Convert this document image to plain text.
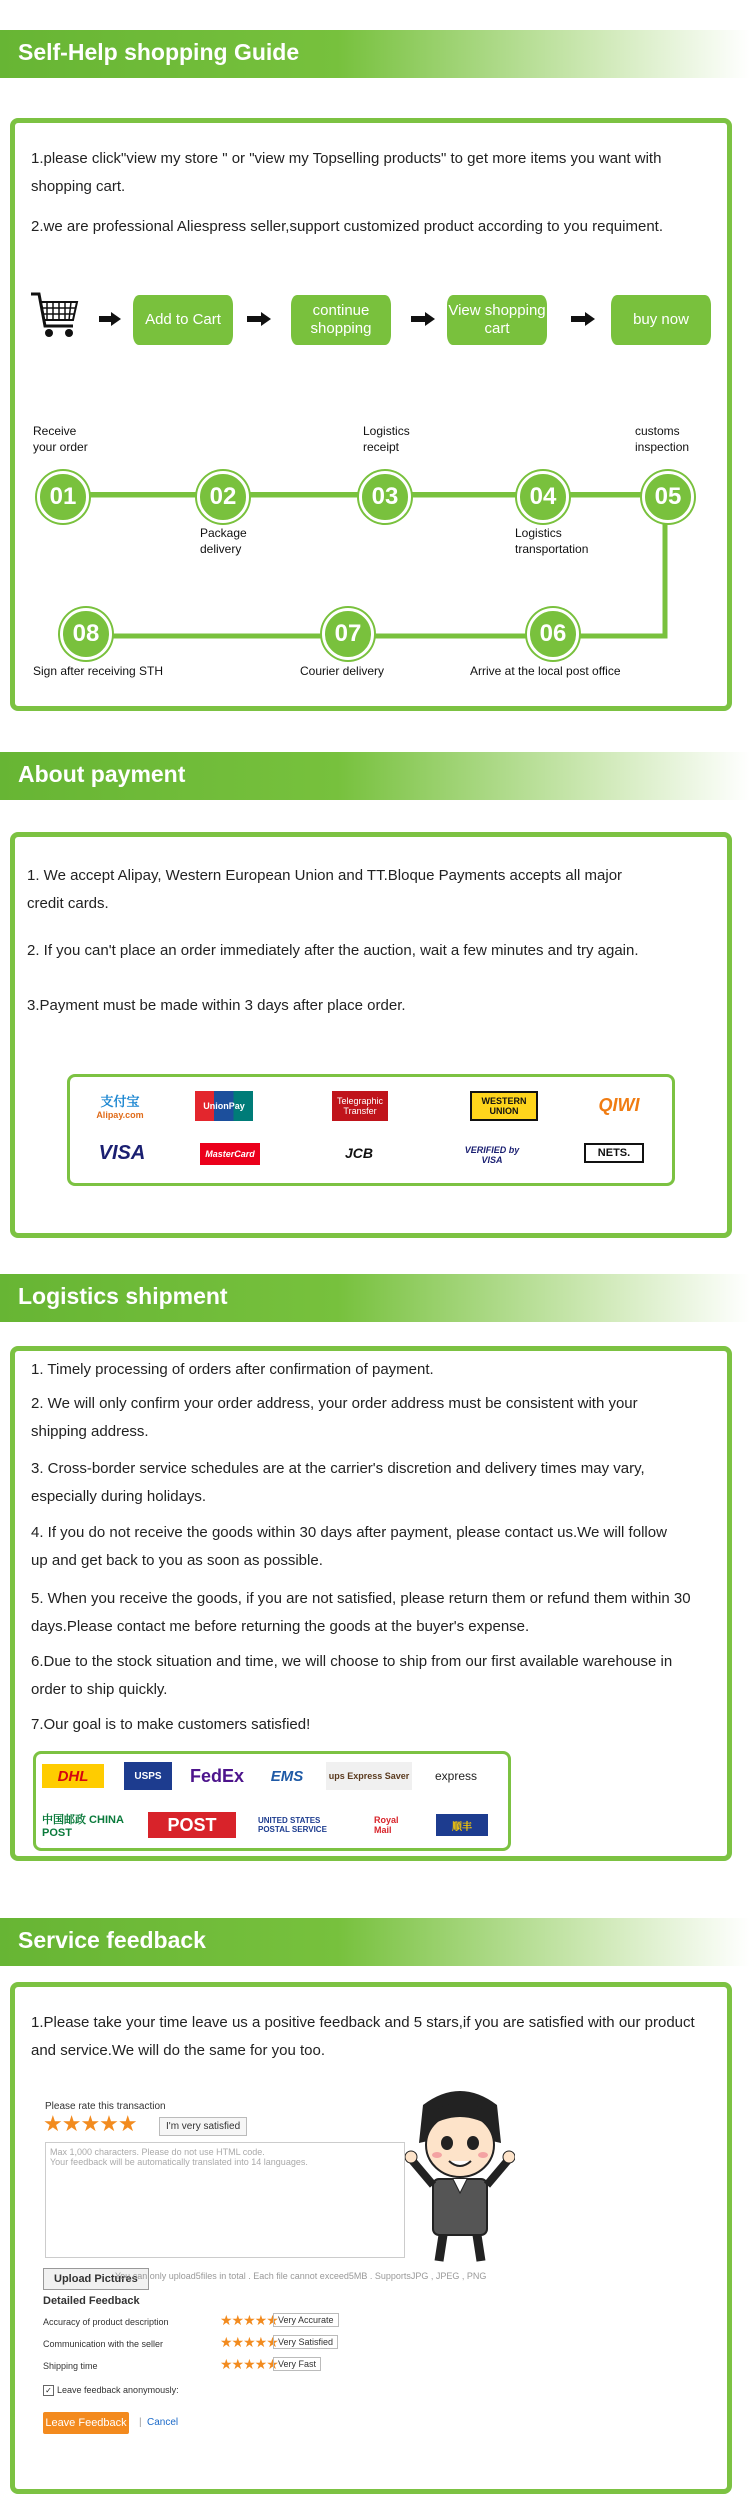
Self-Help shopping Guide
1.please click"view my store " or "view my Topselling products" to get more items you want with
shopping cart.
2.we are professional Aliespress seller,support customized product according to you requiment.
Add to Cart
continue shopping
View shopping cart
buy now
Receive
your order
01	02
Package
delivery
Logistics
receipt
03	04
Logistics
transportation
customs
inspection
05
06
Arrive at the local post office
07
Courier delivery
08
Sign after receiving STH
About payment
1. We accept Alipay, Western European Union and TT.Bloque Payments accepts all major
credit cards.
2. If you can't place an order immediately after the auction, wait a few minutes and try again.
3.Payment must be made within 3 days after place order.
支付宝
Alipay.com
UnionPay	Telegraphic Transfer
WESTERN UNION	QIWI
VISA	MasterCard	JCB	VERIFIED by VISA
NETS.
Logistics shipment
1. Timely processing of orders after confirmation of payment.
2. We will only confirm your order address, your order address must be consistent with your
shipping address.
3. Cross-border service schedules are at the carrier's discretion and delivery times may vary,
especially during holidays.
4. If you do not receive the goods within 30 days after payment, please contact us.We will follow
up and get back to you as soon as possible.
5. When you receive the goods, if you are not satisfied, please return them or refund them within 30
days.Please contact me before returning the goods at the buyer's expense.
6.Due to the stock situation and time, we will choose to ship from our first available warehouse in
order to ship quickly.
7.Our goal is to make customers satisfied!
DHL	USPS	FedEx	EMS	ups Express Saver	express
中国邮政 CHINA POST	POST	UNITED STATES POSTAL SERVICE
Royal Mail	顺丰
Service feedback
1.Please take your time leave us a positive feedback and 5 stars,if you are satisfied with our product
and service.We will do the same for you too.
Please rate this transaction
★★★★★	I'm very satisfied
Max 1,000 characters. Please do not use HTML code.
Your feedback will be automatically translated into 14 languages.
Upload Pictures
You can only upload5files in total . Each file cannot exceed5MB . SupportsJPG , JPEG , PNG
Detailed Feedback
Accuracy of product description	★★★★★ Very Accurate
Communication with the seller	★★★★★ Very Satisfied
Shipping time	★★★★★ Very Fast
✓ Leave feedback anonymously:
Leave Feedback | Cancel
